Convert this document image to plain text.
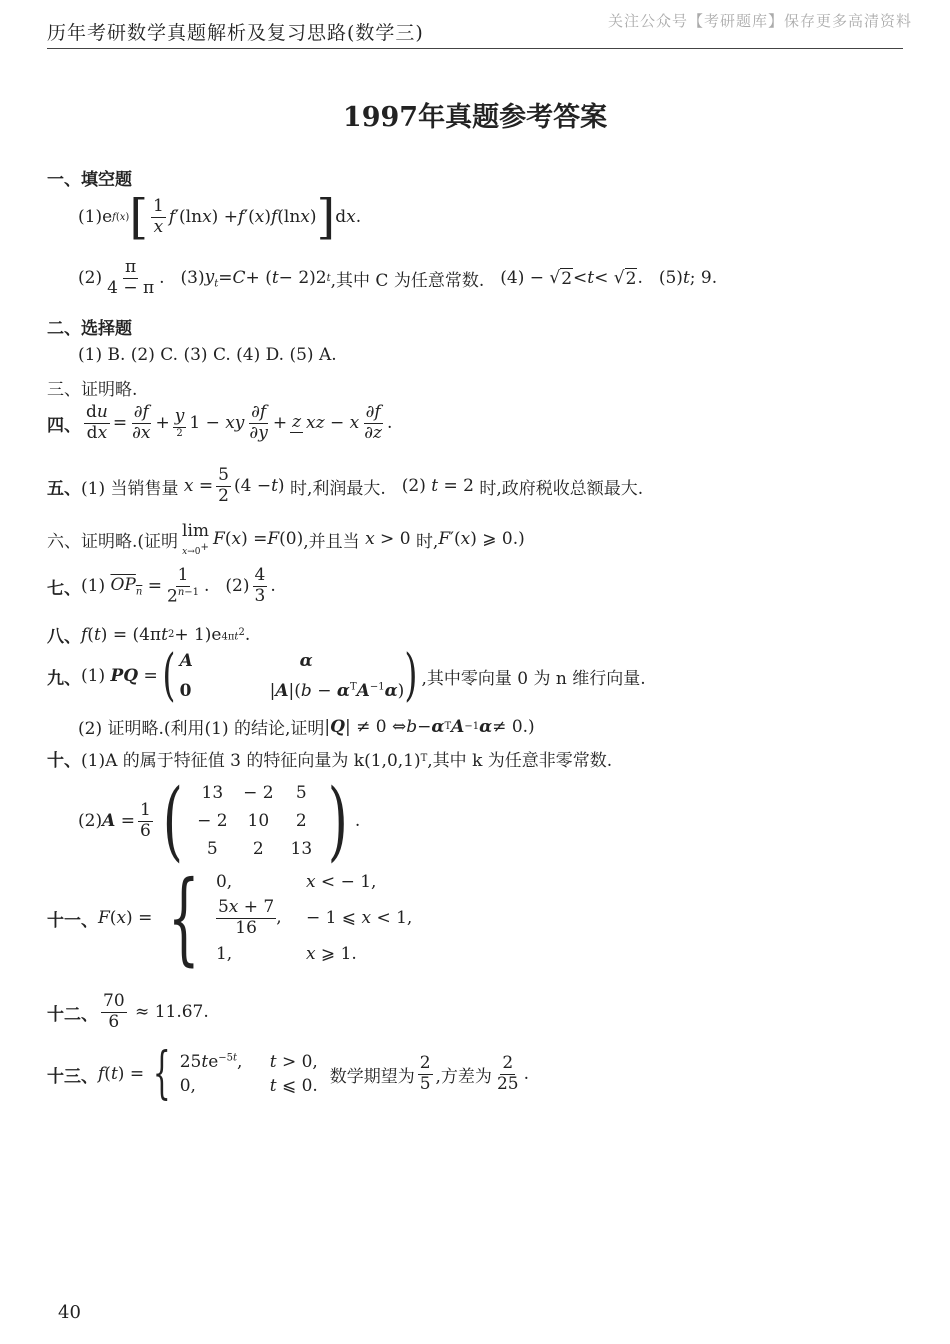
历年考研数学真题解析及复习思路(数学三)
关注公众号【考研题库】保存更多高清资料
1997年真题参考答案
一、填空题
(1)e f(x) [ $\frac{1}{x}$ f ′(ln x ) + f ′( x ) f (ln x ) ] d x .
$(2) \frac{\pi}{4 - \pi}$ .
(3) $y_t = C$ + ( t − 2)2 t ,其中 C 为任意常数. (4) − √ 2 < t < √ 2 .
(5) t ; 9.
二、选择题
(1) B. (2) C. (3) C. (4) D. (5) A.
三、证明略.
四、 $\frac{du}{dx} = \frac{\partial f}{\partial x} + \frac{y}{2} 1$ − xy $\frac{\partial f}{\partial y} + z$ xz − x $\frac{\partial f}{\partial z}$ .
五、 (1) 当销售量
$x = \frac{5}{2} (4 - t$ ) 时,利润最大. (2) t = 2 时,政府税收总额最大.
六、证明略. (证明
lim
x→0+ F ( x ) = F (0) ,并且当
x > 0 时, F ′( x ) ⩾ 0.)
七、 (1) $OP_n = \frac{1}{2^{n-1}}$ .
$(2) \frac{4}{3}$ .
八、 f ( t ) = (4π t 2 + 1)e $4\pi t^2$ .
九、 (1) PQ = ( A	α
0	$|A|(b - \alpha^TA^{-1}\alpha)$ ) ,其中零向量 0 为 n 维行向量.
(2) 证明略.(利用(1) 的结论,证明 | Q | ≠ 0 ⇔ b − α T A −1 α ≠ 0.)
十、 (1)A 的属于特征值 3 的特征向量为 k(1,0,1) T ,其中 k 为任意非零常数.
(2) $A = \frac{1}{6}$ (	13	− 2	5
− 2	10	2
5	2	13 ) .
十一、 F ( x ) = { 0,	x < − 1,
$\frac{5x + 7}{16}$ ,	− 1 ⩽ x < 1,
1,	x ⩾ 1.
十二、 $\frac{70}{6}$
≈ 11.67.
十三、 f ( t ) = { $25te^{-5t}$,	t > 0,
0,	t ⩽ 0. 数学期望为 $\frac{2}{5}$ ,方差为 $\frac{2}{25}$ .
40
